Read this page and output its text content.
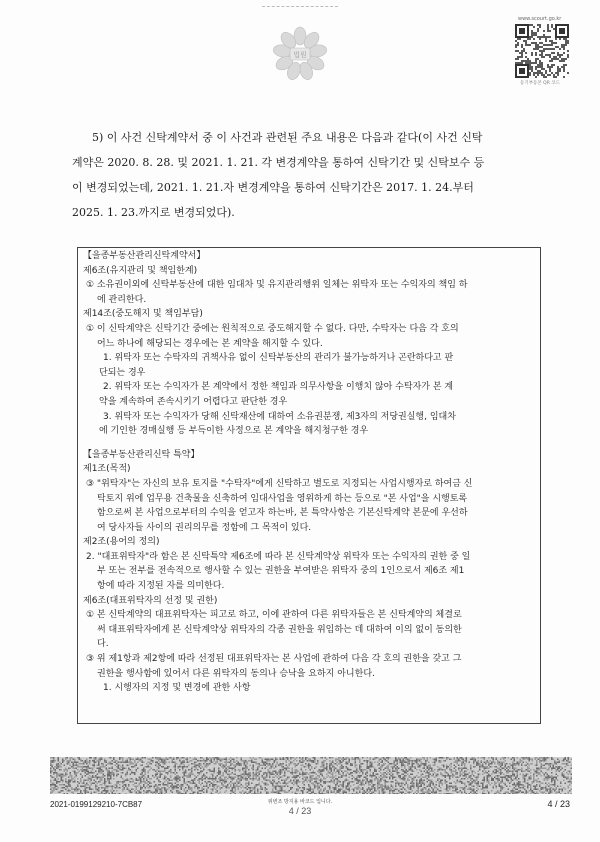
법원
www.scourt.go.kr
등기부등본 QR 코드
5) 이 사건 신탁계약서 중 이 사건과 관련된 주요 내용은 다음과 같다(이 사건 신탁
계약은 2020. 8. 28. 및 2021. 1. 21. 각 변경계약을 통하여 신탁기간 및 신탁보수 등
이 변경되었는데, 2021. 1. 21.자 변경계약을 통하여 신탁기간은 2017. 1. 24.부터
2025. 1. 23.까지로 변경되었다).
【을종부동산관리신탁계약서】
제6조(유지관리 및 책임한계)
① 소유권이외에 신탁부동산에 대한 임대차 및 유지관리행위 일체는 위탁자 또는 수익자의 책임 하
에 관리한다.
제14조(중도해지 및 책임부담)
① 이 신탁계약은 신탁기간 중에는 원칙적으로 중도해지할 수 없다. 다만, 수탁자는 다음 각 호의
어느 하나에 해당되는 경우에는 본 계약을 해지할 수 있다.
1. 위탁자 또는 수탁자의 귀책사유 없이 신탁부동산의 관리가 불가능하거나 곤란하다고 판
단되는 경우
2. 위탁자 또는 수익자가 본 계약에서 정한 책임과 의무사항을 이행치 않아 수탁자가 본 계
약을 계속하여 존속시키기 어렵다고 판단한 경우
3. 위탁자 또는 수익자가 당해 신탁재산에 대하여 소유권분쟁, 제3자의 저당권실행, 임대차
에 기인한 경매실행 등 부득이한 사정으로 본 계약을 해지청구한 경우
【을종부동산관리신탁 특약】
제1조(목적)
③ "위탁자"는 자신의 보유 토지를 "수탁자"에게 신탁하고 별도로 지정되는 사업시행자로 하여금 신
탁토지 위에 업무용 건축물을 신축하여 임대사업을 영위하게 하는 등으로 "본 사업"을 시행토록
함으로써 본 사업으로부터의 수익을 얻고자 하는바, 본 특약사항은 기본신탁계약 본문에 우선하
여 당사자들 사이의 권리의무를 정함에 그 목적이 있다.
제2조(용어의 정의)
2. "대표위탁자"라 함은 본 신탁특약 제6조에 따라 본 신탁계약상 위탁자 또는 수익자의 권한 중 일
부 또는 전부를 전속적으로 행사할 수 있는 권한을 부여받은 위탁자 중의 1인으로서 제6조 제1
항에 따라 지정된 자를 의미한다.
제6조(대표위탁자의 선정 및 권한)
① 본 신탁계약의 대표위탁자는 피고로 하고, 이에 관하여 다른 위탁자들은 본 신탁계약의 체결로
써 대표위탁자에게 본 신탁계약상 위탁자의 각종 권한을 위임하는 데 대하여 이의 없이 동의한
다.
③ 위 제1항과 제2항에 따라 선정된 대표위탁자는 본 사업에 관하여 다음 각 호의 권한을 갖고 그
권한을 행사함에 있어서 다른 위탁자의 동의나 승낙을 요하지 아니한다.
1. 시행자의 지정 및 변경에 관한 사항
2021-0199129210-7CB87	위변조 방지용 바코드 입니다.
4 / 23
4 / 23
